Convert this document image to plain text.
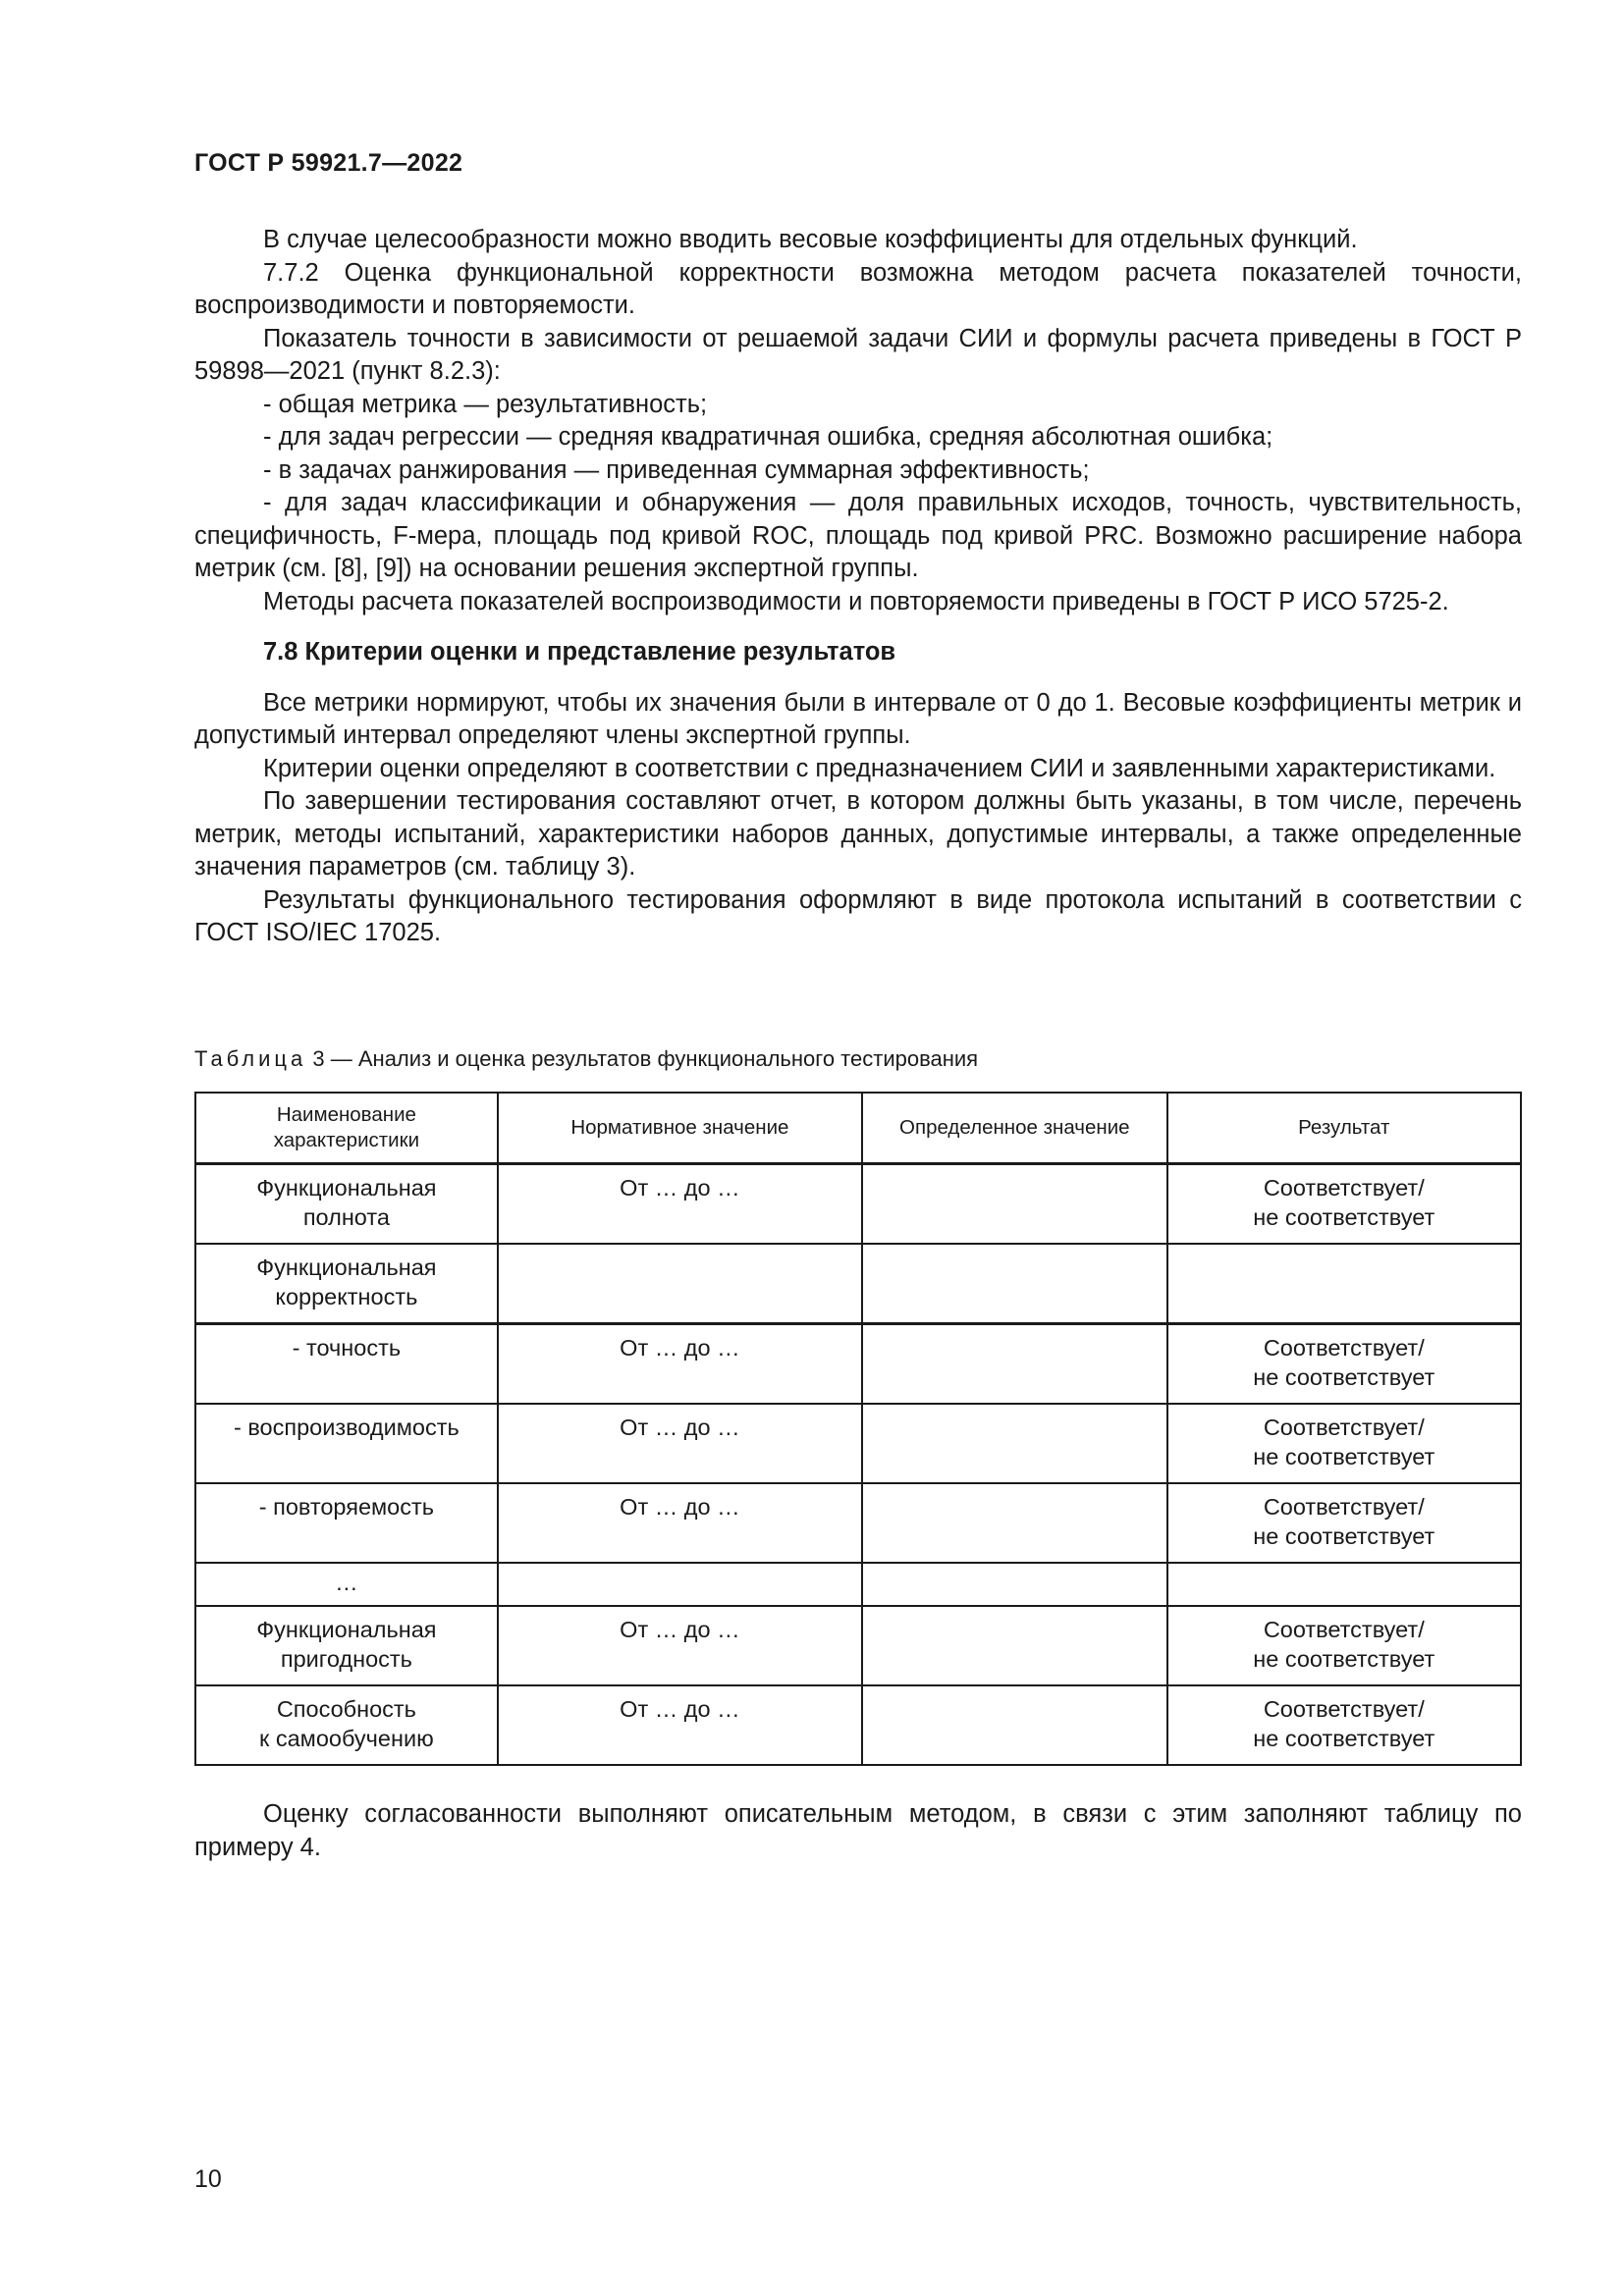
ГОСТ Р 59921.7—2022

В случае целесообразности можно вводить весовые коэффициенты для отдельных функций.

7.7.2 Оценка функциональной корректности возможна методом расчета показателей точности, воспроизводимости и повторяемости.

Показатель точности в зависимости от решаемой задачи СИИ и формулы расчета приведены в ГОСТ Р 59898—2021 (пункт 8.2.3):

- общая метрика — результативность;

- для задач регрессии — средняя квадратичная ошибка, средняя абсолютная ошибка;

- в задачах ранжирования — приведенная суммарная эффективность;

- для задач классификации и обнаружения — доля правильных исходов, точность, чувствительность, специфичность, F-мера, площадь под кривой ROC, площадь под кривой PRC. Возможно расширение набора метрик (см. [8], [9]) на основании решения экспертной группы.

Методы расчета показателей воспроизводимости и повторяемости приведены в ГОСТ Р ИСО 5725-2.

7.8 Критерии оценки и представление результатов

Все метрики нормируют, чтобы их значения были в интервале от 0 до 1. Весовые коэффициенты метрик и допустимый интервал определяют члены экспертной группы.

Критерии оценки определяют в соответствии с предназначением СИИ и заявленными характеристиками.

По завершении тестирования составляют отчет, в котором должны быть указаны, в том числе, перечень метрик, методы испытаний, характеристики наборов данных, допустимые интервалы, а также определенные значения параметров (см. таблицу 3).

Результаты функционального тестирования оформляют в виде протокола испытаний в соответствии с ГОСТ ISO/IEC 17025.

Таблица 3 — Анализ и оценка результатов функционального тестирования
Наименование характеристики	Нормативное значение	Определенное значение	Результат

Функциональная
полнота	От … до …		Соответствует/
не соответствует

Функциональная
корректность			

- точность	От … до …		Соответствует/
не соответствует

- воспроизводимость	От … до …		Соответствует/
не соответствует

- повторяемость	От … до …		Соответствует/
не соответствует

…			

Функциональная
пригодность	От … до …		Соответствует/
не соответствует

Способность
к самообучению	От … до …		Соответствует/
не соответствует

Оценку согласованности выполняют описательным методом, в связи с этим заполняют таблицу по примеру 4.

10
